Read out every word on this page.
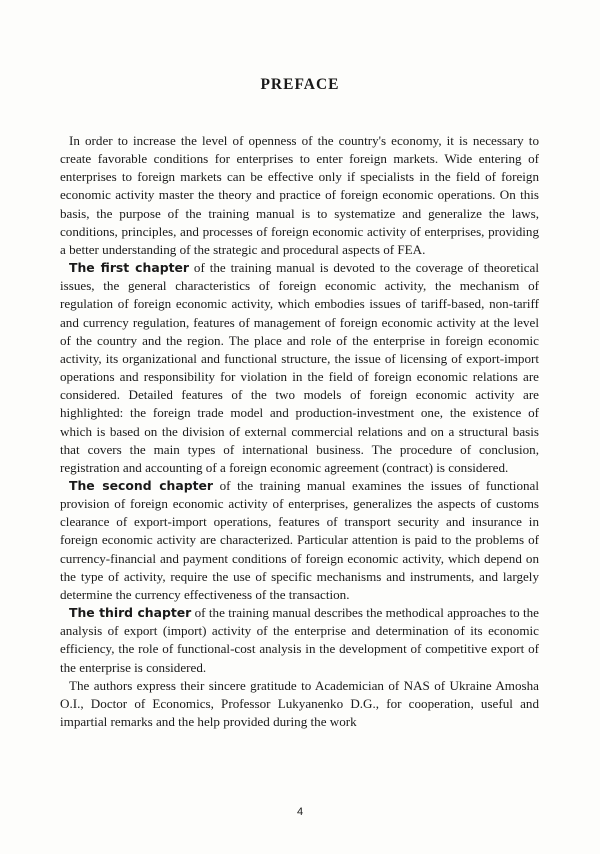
PREFACE

In order to increase the level of openness of the country's economy, it is necessary to create favorable conditions for enterprises to enter foreign markets. Wide entering of enterprises to foreign markets can be effective only if specialists in the field of foreign economic activity master the theory and practice of foreign economic operations. On this basis, the purpose of the training manual is to systematize and generalize the laws, conditions, principles, and processes of foreign economic activity of enterprises, providing a better understanding of the strategic and procedural aspects of FEA.

The first chapter of the training manual is devoted to the coverage of theoretical issues, the general characteristics of foreign economic activity, the mechanism of regulation of foreign economic activity, which embodies issues of tariff-based, non-tariff and currency regulation, features of management of foreign economic activity at the level of the country and the region. The place and role of the enterprise in foreign economic activity, its organizational and functional structure, the issue of licensing of export-import operations and responsibility for violation in the field of foreign economic relations are considered. Detailed features of the two models of foreign economic activity are highlighted: the foreign trade model and production-investment one, the existence of which is based on the division of external commercial relations and on a structural basis that covers the main types of international business. The procedure of conclusion, registration and accounting of a foreign economic agreement (contract) is considered.

The second chapter of the training manual examines the issues of functional provision of foreign economic activity of enterprises, generalizes the aspects of customs clearance of export-import operations, features of transport security and insurance in foreign economic activity are characterized. Particular attention is paid to the problems of currency-financial and payment conditions of foreign economic activity, which depend on the type of activity, require the use of specific mechanisms and instruments, and largely determine the currency effectiveness of the transaction.

The third chapter of the training manual describes the methodical approaches to the analysis of export (import) activity of the enterprise and determination of its economic efficiency, the role of functional-cost analysis in the development of competitive export of the enterprise is considered.

The authors express their sincere gratitude to Academician of NAS of Ukraine Amosha O.I., Doctor of Economics, Professor Lukyanenko D.G., for cooperation, useful and impartial remarks and the help provided during the work

4
